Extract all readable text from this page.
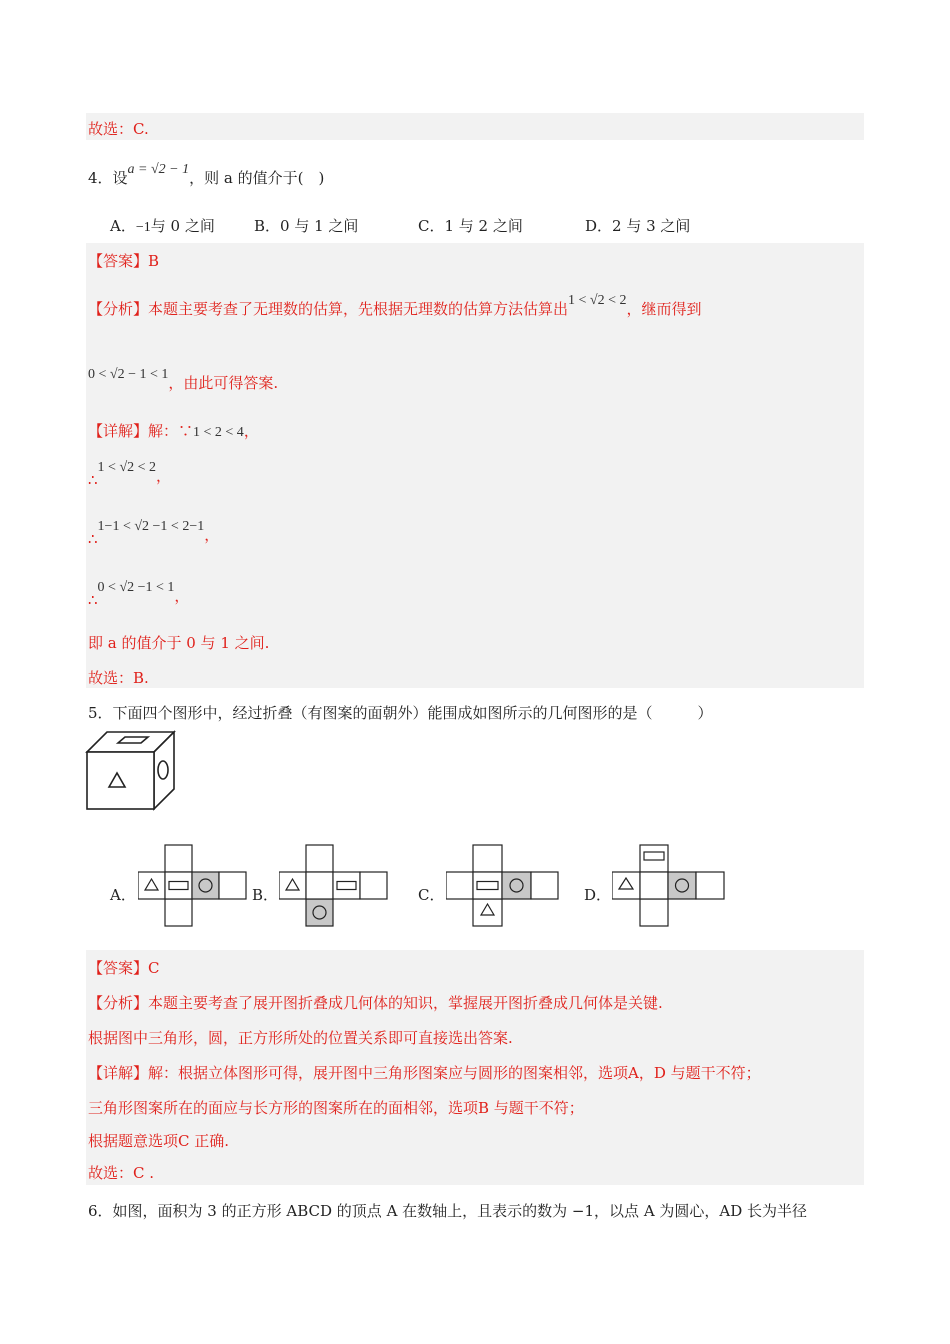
故选：C.
4．设a = √2 − 1，则 a 的值介于(　)
A．−1与 0 之间	B．0 与 1 之间	C．1 与 2 之间	D．2 与 3 之间
【答案】B
【分析】本题主要考查了无理数的估算，先根据无理数的估算方法估算出1 < √2 < 2，继而得到
0 < √2 − 1 < 1，由此可得答案.
【详解】解：∵1 < 2 < 4，
∴1 < √2 < 2，
∴1−1 < √2 −1 < 2−1，
∴0 < √2 −1 < 1，
即 a 的值介于 0 与 1 之间.
故选：B.
5．下面四个图形中，经过折叠（有图案的面朝外）能围成如图所示的几何图形的是（　　　）
A．	B．	C．	D．
【答案】C
【分析】本题主要考查了展开图折叠成几何体的知识，掌握展开图折叠成几何体是关键.
根据图中三角形，圆，正方形所处的位置关系即可直接选出答案.
【详解】解：根据立体图形可得，展开图中三角形图案应与圆形的图案相邻，选项A，D 与题干不符；
三角形图案所在的面应与长方形的图案所在的面相邻，选项B 与题干不符；
根据题意选项C 正确.
故选：C .
6．如图，面积为 3 的正方形 ABCD 的顶点 A 在数轴上，且表示的数为 −1，以点 A 为圆心，AD 长为半径
